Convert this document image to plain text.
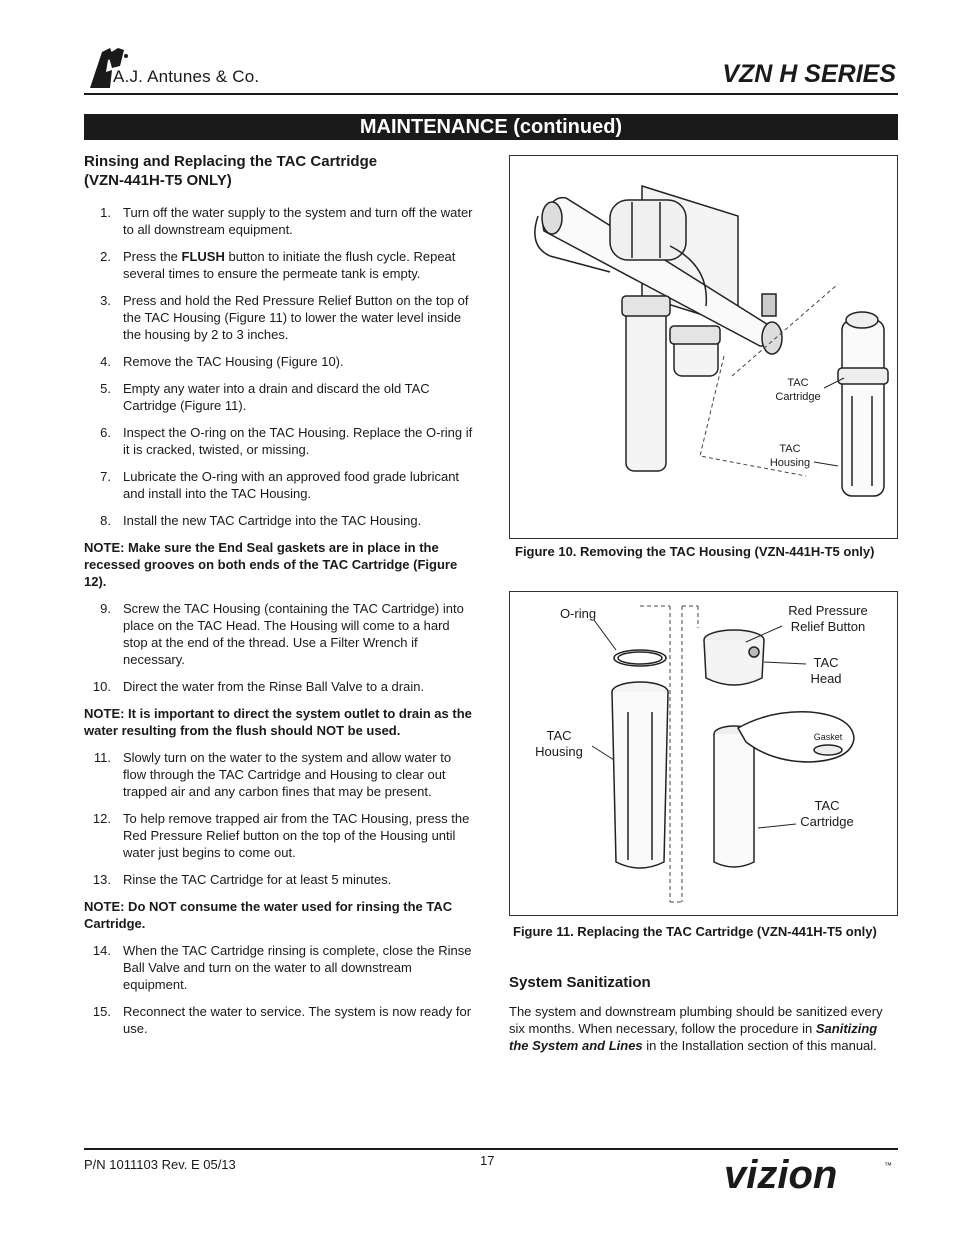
A.J. Antunes & Co.	VZN H SERIES
MAINTENANCE (continued)
Rinsing and Replacing the TAC Cartridge
(VZN-441H-T5 ONLY)
1. Turn off the water supply to the system and turn off the water to all downstream equipment.
2. Press the FLUSH button to initiate the flush cycle. Repeat several times to ensure the permeate tank is empty.
3. Press and hold the Red Pressure Relief Button on the top of the TAC Housing (Figure 11) to lower the water level inside the housing by 2 to 3 inches.
4. Remove the TAC Housing (Figure 10).
5. Empty any water into a drain and discard the old TAC Cartridge (Figure 11).
6. Inspect the O-ring on the TAC Housing. Replace the O-ring if it is cracked, twisted, or missing.
7. Lubricate the O-ring with an approved food grade lubricant and install into the TAC Housing.
8. Install the new TAC Cartridge into the TAC Housing.

NOTE: Make sure the End Seal gaskets are in place in the recessed grooves on both ends of the TAC Cartridge (Figure 12).

9. Screw the TAC Housing (containing the TAC Cartridge) into place on the TAC Head. The Housing will come to a hard stop at the end of the thread. Use a Filter Wrench if necessary.
10. Direct the water from the Rinse Ball Valve to a drain.

NOTE: It is important to direct the system outlet to drain as the water resulting from the flush should NOT be used.

11. Slowly turn on the water to the system and allow water to flow through the TAC Cartridge and Housing to clear out trapped air and any carbon fines that may be present.
12. To help remove trapped air from the TAC Housing, press the Red Pressure Relief button on the top of the Housing until water just begins to come out.
13. Rinse the TAC Cartridge for at least 5 minutes.

NOTE: Do NOT consume the water used for rinsing the TAC Cartridge.

14. When the TAC Cartridge rinsing is complete, close the Rinse Ball Valve and turn on the water to all downstream equipment.
15. Reconnect the water to service. The system is now ready for use.
TAC
Cartridge
TAC
Housing
Figure 10. Removing the TAC Housing (VZN-441H-T5 only)
O-ring	Red Pressure
Relief Button
TAC
Head
TAC
Housing
Gasket
TAC
Cartridge
Figure 11. Replacing the TAC Cartridge (VZN-441H-T5 only)
System Sanitization
The system and downstream plumbing should be sanitized every six months. When necessary, follow the procedure in Sanitizing the System and Lines in the Installation section of this manual.
P/N 1011103 Rev. E 05/13	17	vizion	™
